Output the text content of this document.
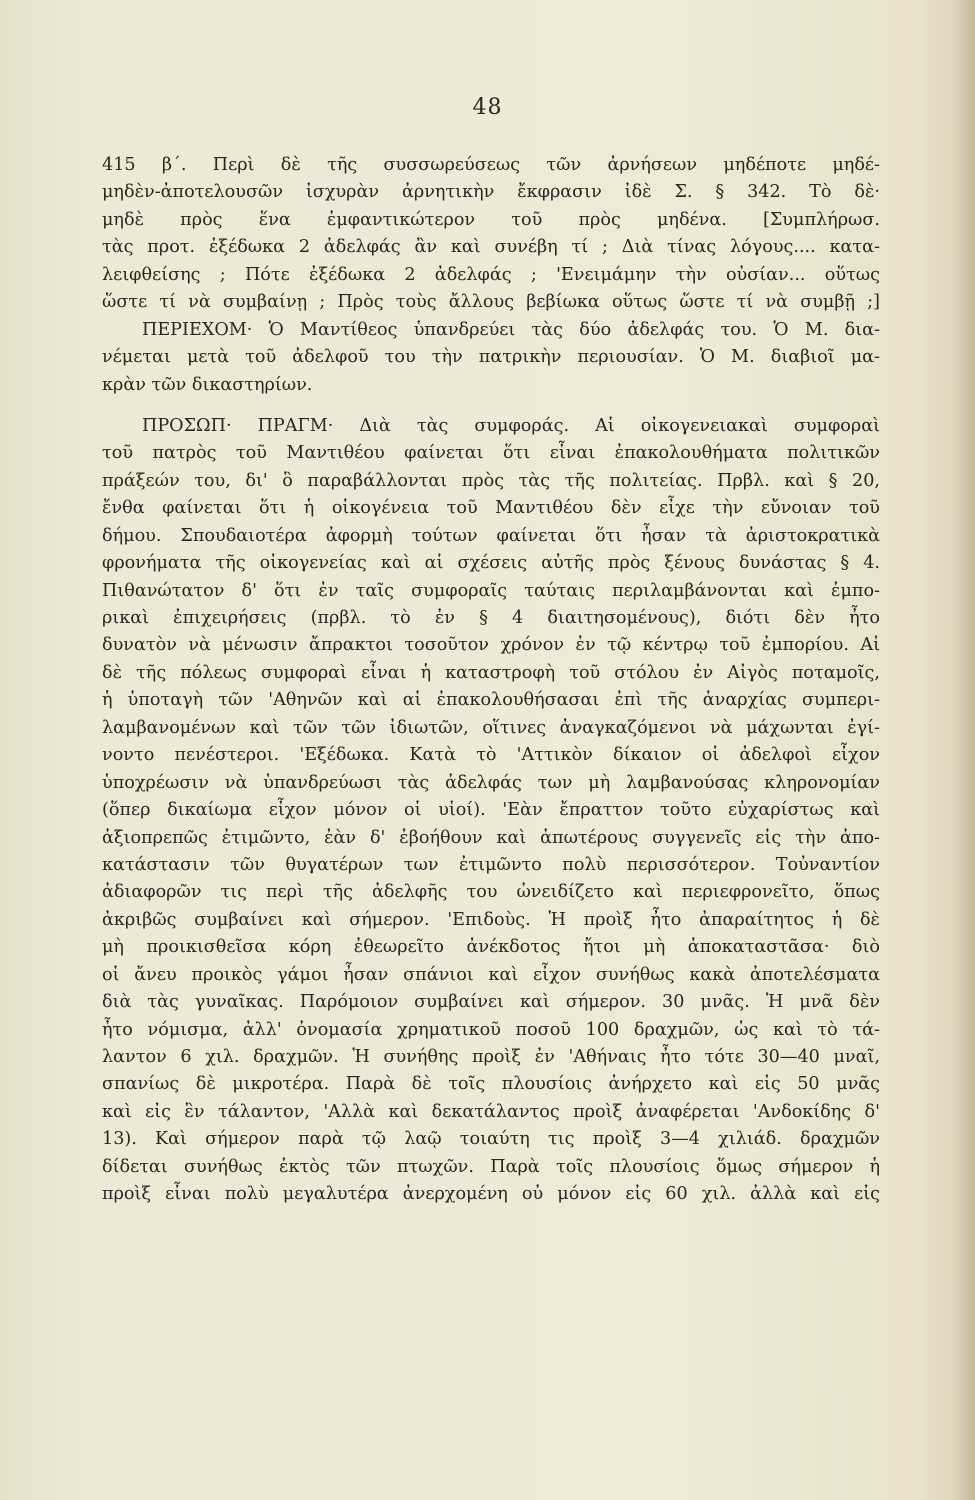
48
415 β΄. Περὶ δὲ τῆς συσσωρεύσεως τῶν ἀρνήσεων μηδέποτε μηδέ-
μηδὲν-ἀποτελουσῶν ἰσχυρὰν ἀρνητικὴν ἔκφρασιν ἰδὲ Σ. § 342. Τὸ δὲ·
μηδὲ πρὸς ἕνα ἐμφαντικώτερον τοῦ πρὸς μηδένα. [Συμπλήρωσ.
τὰς προτ. ἐξέδωκα 2 ἀδελφάς ἂν καὶ συνέβη τί ; Διὰ τίνας λόγους.... κατα-
λειφθείσης ; Πότε ἐξέδωκα 2 ἀδελφάς ; 'Ενειμάμην τὴν οὐσίαν... οὕτως
ὥστε τί νὰ συμβαίνῃ ; Πρὸς τοὺς ἄλλους βεβίωκα οὕτως ὥστε τί νὰ συμβῇ ;]
ΠΕΡΙΕΧΟΜ· Ὁ Μαντίθεος ὑπανδρεύει τὰς δύο ἀδελφάς του. Ὁ Μ. δια-
νέμεται μετὰ τοῦ ἀδελφοῦ του τὴν πατρικὴν περιουσίαν. Ὁ Μ. διαβιοῖ μα-
κρὰν τῶν δικαστηρίων.
ΠΡΟΣΩΠ· ΠΡΑΓΜ· Διὰ τὰς συμφοράς. Αἱ οἰκογενειακαὶ συμφοραὶ
τοῦ πατρὸς τοῦ Μαντιθέου φαίνεται ὅτι εἶναι ἐπακολουθήματα πολιτικῶν
πράξεών του, δι' ὃ παραβάλλονται πρὸς τὰς τῆς πολιτείας. Πρβλ. καὶ § 20,
ἔνθα φαίνεται ὅτι ἡ οἰκογένεια τοῦ Μαντιθέου δὲν εἶχε τὴν εὔνοιαν τοῦ
δήμου. Σπουδαιοτέρα ἀφορμὴ τούτων φαίνεται ὅτι ἦσαν τὰ ἀριστοκρατικὰ
φρονήματα τῆς οἰκογενείας καὶ αἱ σχέσεις αὐτῆς πρὸς ξένους δυνάστας § 4.
Πιθανώτατον δ' ὅτι ἐν ταῖς συμφοραῖς ταύταις περιλαμβάνονται καὶ ἐμπο-
ρικαὶ ἐπιχειρήσεις (πρβλ. τὸ ἐν § 4 διαιτησομένους), διότι δὲν ἦτο
δυνατὸν νὰ μένωσιν ἄπρακτοι τοσοῦτον χρόνον ἐν τῷ κέντρῳ τοῦ ἐμπορίου. Αἱ
δὲ τῆς πόλεως συμφοραὶ εἶναι ἡ καταστροφὴ τοῦ στόλου ἐν Αἰγὸς ποταμοῖς,
ἡ ὑποταγὴ τῶν 'Αθηνῶν καὶ αἱ ἐπακολουθήσασαι ἐπὶ τῆς ἀναρχίας συμπερι-
λαμβανομένων καὶ τῶν τῶν ἰδιωτῶν, οἵτινες ἀναγκαζόμενοι νὰ μάχωνται ἐγί-
νοντο πενέστεροι. 'Εξέδωκα. Κατὰ τὸ 'Αττικὸν δίκαιον οἱ ἀδελφοὶ εἶχον
ὑποχρέωσιν νὰ ὑπανδρεύωσι τὰς ἀδελφάς των μὴ λαμβανούσας κληρονομίαν
(ὅπερ δικαίωμα εἶχον μόνον οἱ υἱοί). 'Εὰν ἔπραττον τοῦτο εὐχαρίστως καὶ
ἀξιοπρεπῶς ἐτιμῶντο, ἐὰν δ' ἐβοήθουν καὶ ἀπωτέρους συγγενεῖς εἰς τὴν ἀπο-
κατάστασιν τῶν θυγατέρων των ἐτιμῶντο πολὺ περισσότερον. Τοὐναντίον
ἀδιαφορῶν τις περὶ τῆς ἀδελφῆς του ὠνειδίζετο καὶ περιεφρονεῖτο, ὅπως
ἀκριβῶς συμβαίνει καὶ σήμερον. 'Επιδοὺς. Ἡ προὶξ ἦτο ἀπαραίτητος ἡ δὲ
μὴ προικισθεῖσα κόρη ἐθεωρεῖτο ἀνέκδοτος ἤτοι μὴ ἀποκαταστᾶσα· διὸ
οἱ ἄνευ προικὸς γάμοι ἦσαν σπάνιοι καὶ εἶχον συνήθως κακὰ ἀποτελέσματα
διὰ τὰς γυναῖκας. Παρόμοιον συμβαίνει καὶ σήμερον. 30 μνᾶς. Ἡ μνᾶ δὲν
ἦτο νόμισμα, ἀλλ' ὀνομασία χρηματικοῦ ποσοῦ 100 δραχμῶν, ὡς καὶ τὸ τά-
λαντον 6 χιλ. δραχμῶν. Ἡ συνήθης προὶξ ἐν 'Αθήναις ἦτο τότε 30—40 μναῖ,
σπανίως δὲ μικροτέρα. Παρὰ δὲ τοῖς πλουσίοις ἀνήρχετο καὶ εἰς 50 μνᾶς
καὶ εἰς ἓν τάλαντον, 'Αλλὰ καὶ δεκατάλαντος προὶξ ἀναφέρεται 'Ανδοκίδης δ'
13). Καὶ σήμερον παρὰ τῷ λαῷ τοιαύτη τις προὶξ 3—4 χιλιάδ. δραχμῶν
δίδεται συνήθως ἐκτὸς τῶν πτωχῶν. Παρὰ τοῖς πλουσίοις ὅμως σήμερον ἡ
προὶξ εἶναι πολὺ μεγαλυτέρα ἀνερχομένη οὐ μόνον εἰς 60 χιλ. ἀλλὰ καὶ εἰς
